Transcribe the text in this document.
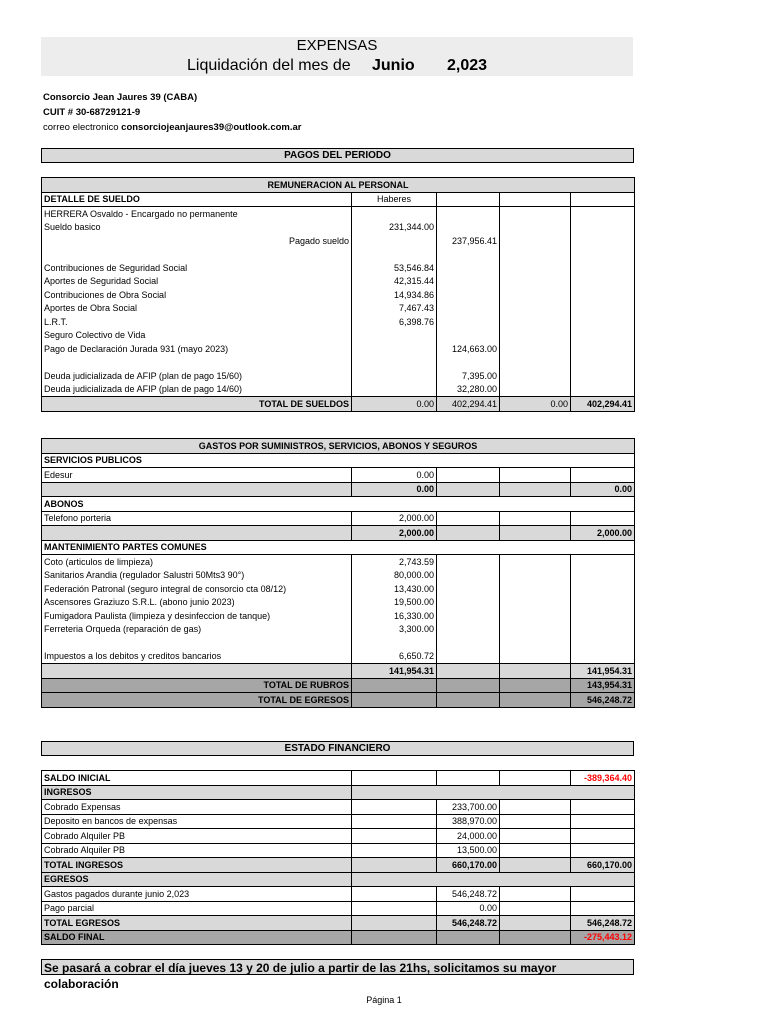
EXPENSAS
Liquidación del mes de Junio 2,023
Consorcio Jean Jaures 39 (CABA)
CUIT # 30-68729121-9
correo electronico consorciojeanjaures39@outlook.com.ar
PAGOS DEL PERIODO
REMUNERACION AL PERSONAL				
DETALLE DE SUELDO	Haberes			
HERRERA Osvaldo - Encargado no permanente				
Sueldo basico	231,344.00			
Pagado sueldo		237,956.41		

Contribuciones de Seguridad Social	53,546.84			
Aportes de Seguridad Social	42,315.44			
Contribuciones de Obra Social	14,934.86			
Aportes de Obra Social	7,467.43			
L.R.T.	6,398.76			
Seguro Colectivo de Vida				
Pago de Declaración Jurada 931 (mayo 2023)		124,663.00		

Deuda judicializada de AFIP (plan de pago 15/60)		7,395.00		
Deuda judicializada de AFIP (plan de pago 14/60)		32,280.00		
TOTAL DE SUELDOS	0.00	402,294.41	0.00	402,294.41
GASTOS POR SUMINISTROS, SERVICIOS, ABONOS Y SEGUROS				
SERVICIOS PUBLICOS				
Edesur	0.00			
	0.00			0.00
ABONOS				
Telefono porteria	2,000.00			
	2,000.00			2,000.00
MANTENIMIENTO PARTES COMUNES				
Coto (articulos de limpieza)	2,743.59			
Sanitarios Arandia (regulador Salustri 50Mts3 90°)	80,000.00			
Federación Patronal (seguro integral de consorcio cta 08/12)	13,430.00			
Ascensores Graziuzo S.R.L. (abono junio 2023)	19,500.00			
Fumigadora Paulista (limpieza y desinfeccion de tanque)	16,330.00			
Ferreteria Orqueda (reparación de gas)	3,300.00			

Impuestos a los debitos y creditos bancarios	6,650.72			
	141,954.31			141,954.31
TOTAL DE RUBROS				143,954.31
TOTAL DE EGRESOS				546,248.72
ESTADO FINANCIERO
SALDO INICIAL				-389,364.40
INGRESOS				
Cobrado Expensas		233,700.00		
Deposito en bancos de expensas		388,970.00		
Cobrado Alquiler PB		24,000.00		
Cobrado Alquiler PB		13,500.00		
TOTAL INGRESOS		660,170.00		660,170.00
EGRESOS				
Gastos pagados durante junio 2,023		546,248.72		
Pago parcial		0.00		
TOTAL EGRESOS		546,248.72		546,248.72
SALDO FINAL				-275,443.12
Se pasará a cobrar el día jueves 13 y 20 de julio a partir de las 21hs, solicitamos su mayor colaboración
Página 1
